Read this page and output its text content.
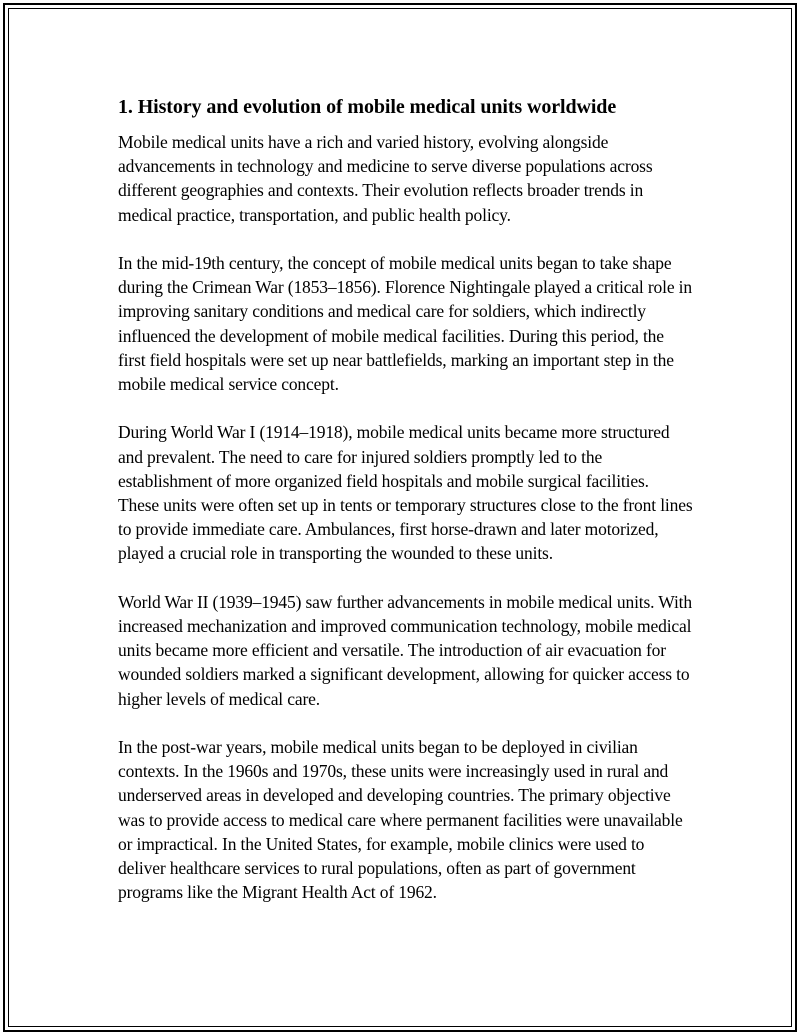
1. History and evolution of mobile medical units worldwide

Mobile medical units have a rich and varied history, evolving alongside advancements in technology and medicine to serve diverse populations across different geographies and contexts. Their evolution reflects broader trends in medical practice, transportation, and public health policy.

In the mid-19th century, the concept of mobile medical units began to take shape during the Crimean War (1853–1856). Florence Nightingale played a critical role in improving sanitary conditions and medical care for soldiers, which indirectly influenced the development of mobile medical facilities. During this period, the first field hospitals were set up near battlefields, marking an important step in the mobile medical service concept.

During World War I (1914–1918), mobile medical units became more structured and prevalent. The need to care for injured soldiers promptly led to the establishment of more organized field hospitals and mobile surgical facilities. These units were often set up in tents or temporary structures close to the front lines to provide immediate care. Ambulances, first horse-drawn and later motorized, played a crucial role in transporting the wounded to these units.

World War II (1939–1945) saw further advancements in mobile medical units. With increased mechanization and improved communication technology, mobile medical units became more efficient and versatile. The introduction of air evacuation for wounded soldiers marked a significant development, allowing for quicker access to higher levels of medical care.

In the post-war years, mobile medical units began to be deployed in civilian contexts. In the 1960s and 1970s, these units were increasingly used in rural and underserved areas in developed and developing countries. The primary objective was to provide access to medical care where permanent facilities were unavailable or impractical. In the United States, for example, mobile clinics were used to deliver healthcare services to rural populations, often as part of government programs like the Migrant Health Act of 1962.
